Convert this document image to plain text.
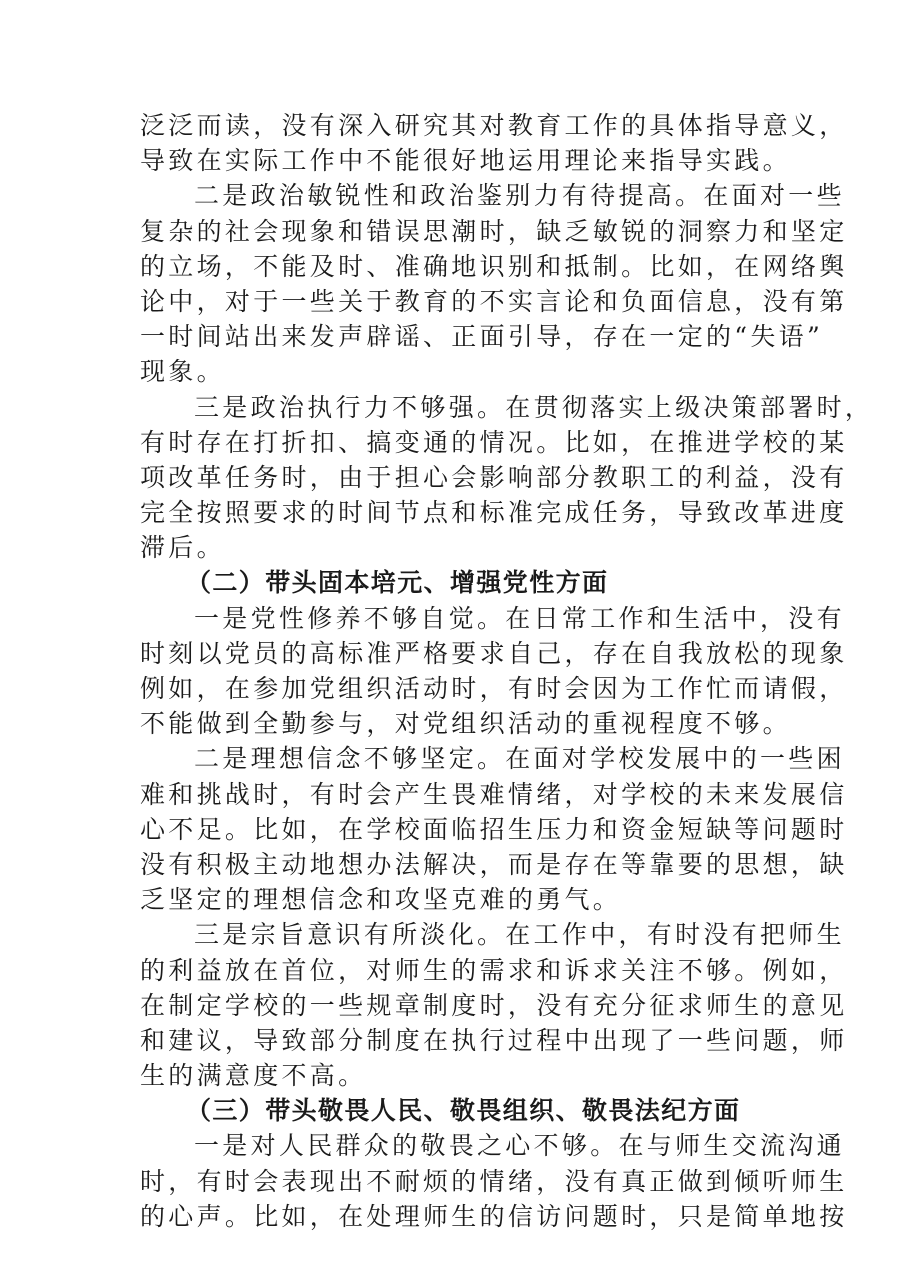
泛泛而读，没有深入研究其对教育工作的具体指导意义，
导致在实际工作中不能很好地运用理论来指导实践。
二是政治敏锐性和政治鉴别力有待提高。在面对一些
复杂的社会现象和错误思潮时，缺乏敏锐的洞察力和坚定
的立场，不能及时、准确地识别和抵制。比如，在网络舆
论中，对于一些关于教育的不实言论和负面信息，没有第
一时间站出来发声辟谣、正面引导，存在一定的“失语”
现象。
三是政治执行力不够强。在贯彻落实上级决策部署时，
有时存在打折扣、搞变通的情况。比如，在推进学校的某
项改革任务时，由于担心会影响部分教职工的利益，没有
完全按照要求的时间节点和标准完成任务，导致改革进度
滞后。
（二）带头固本培元、增强党性方面
一是党性修养不够自觉。在日常工作和生活中，没有
时刻以党员的高标准严格要求自己，存在自我放松的现象
例如，在参加党组织活动时，有时会因为工作忙而请假，
不能做到全勤参与，对党组织活动的重视程度不够。
二是理想信念不够坚定。在面对学校发展中的一些困
难和挑战时，有时会产生畏难情绪，对学校的未来发展信
心不足。比如，在学校面临招生压力和资金短缺等问题时
没有积极主动地想办法解决，而是存在等靠要的思想，缺
乏坚定的理想信念和攻坚克难的勇气。
三是宗旨意识有所淡化。在工作中，有时没有把师生
的利益放在首位，对师生的需求和诉求关注不够。例如，
在制定学校的一些规章制度时，没有充分征求师生的意见
和建议，导致部分制度在执行过程中出现了一些问题，师
生的满意度不高。
（三）带头敬畏人民、敬畏组织、敬畏法纪方面
一是对人民群众的敬畏之心不够。在与师生交流沟通
时，有时会表现出不耐烦的情绪，没有真正做到倾听师生
的心声。比如，在处理师生的信访问题时，只是简单地按
